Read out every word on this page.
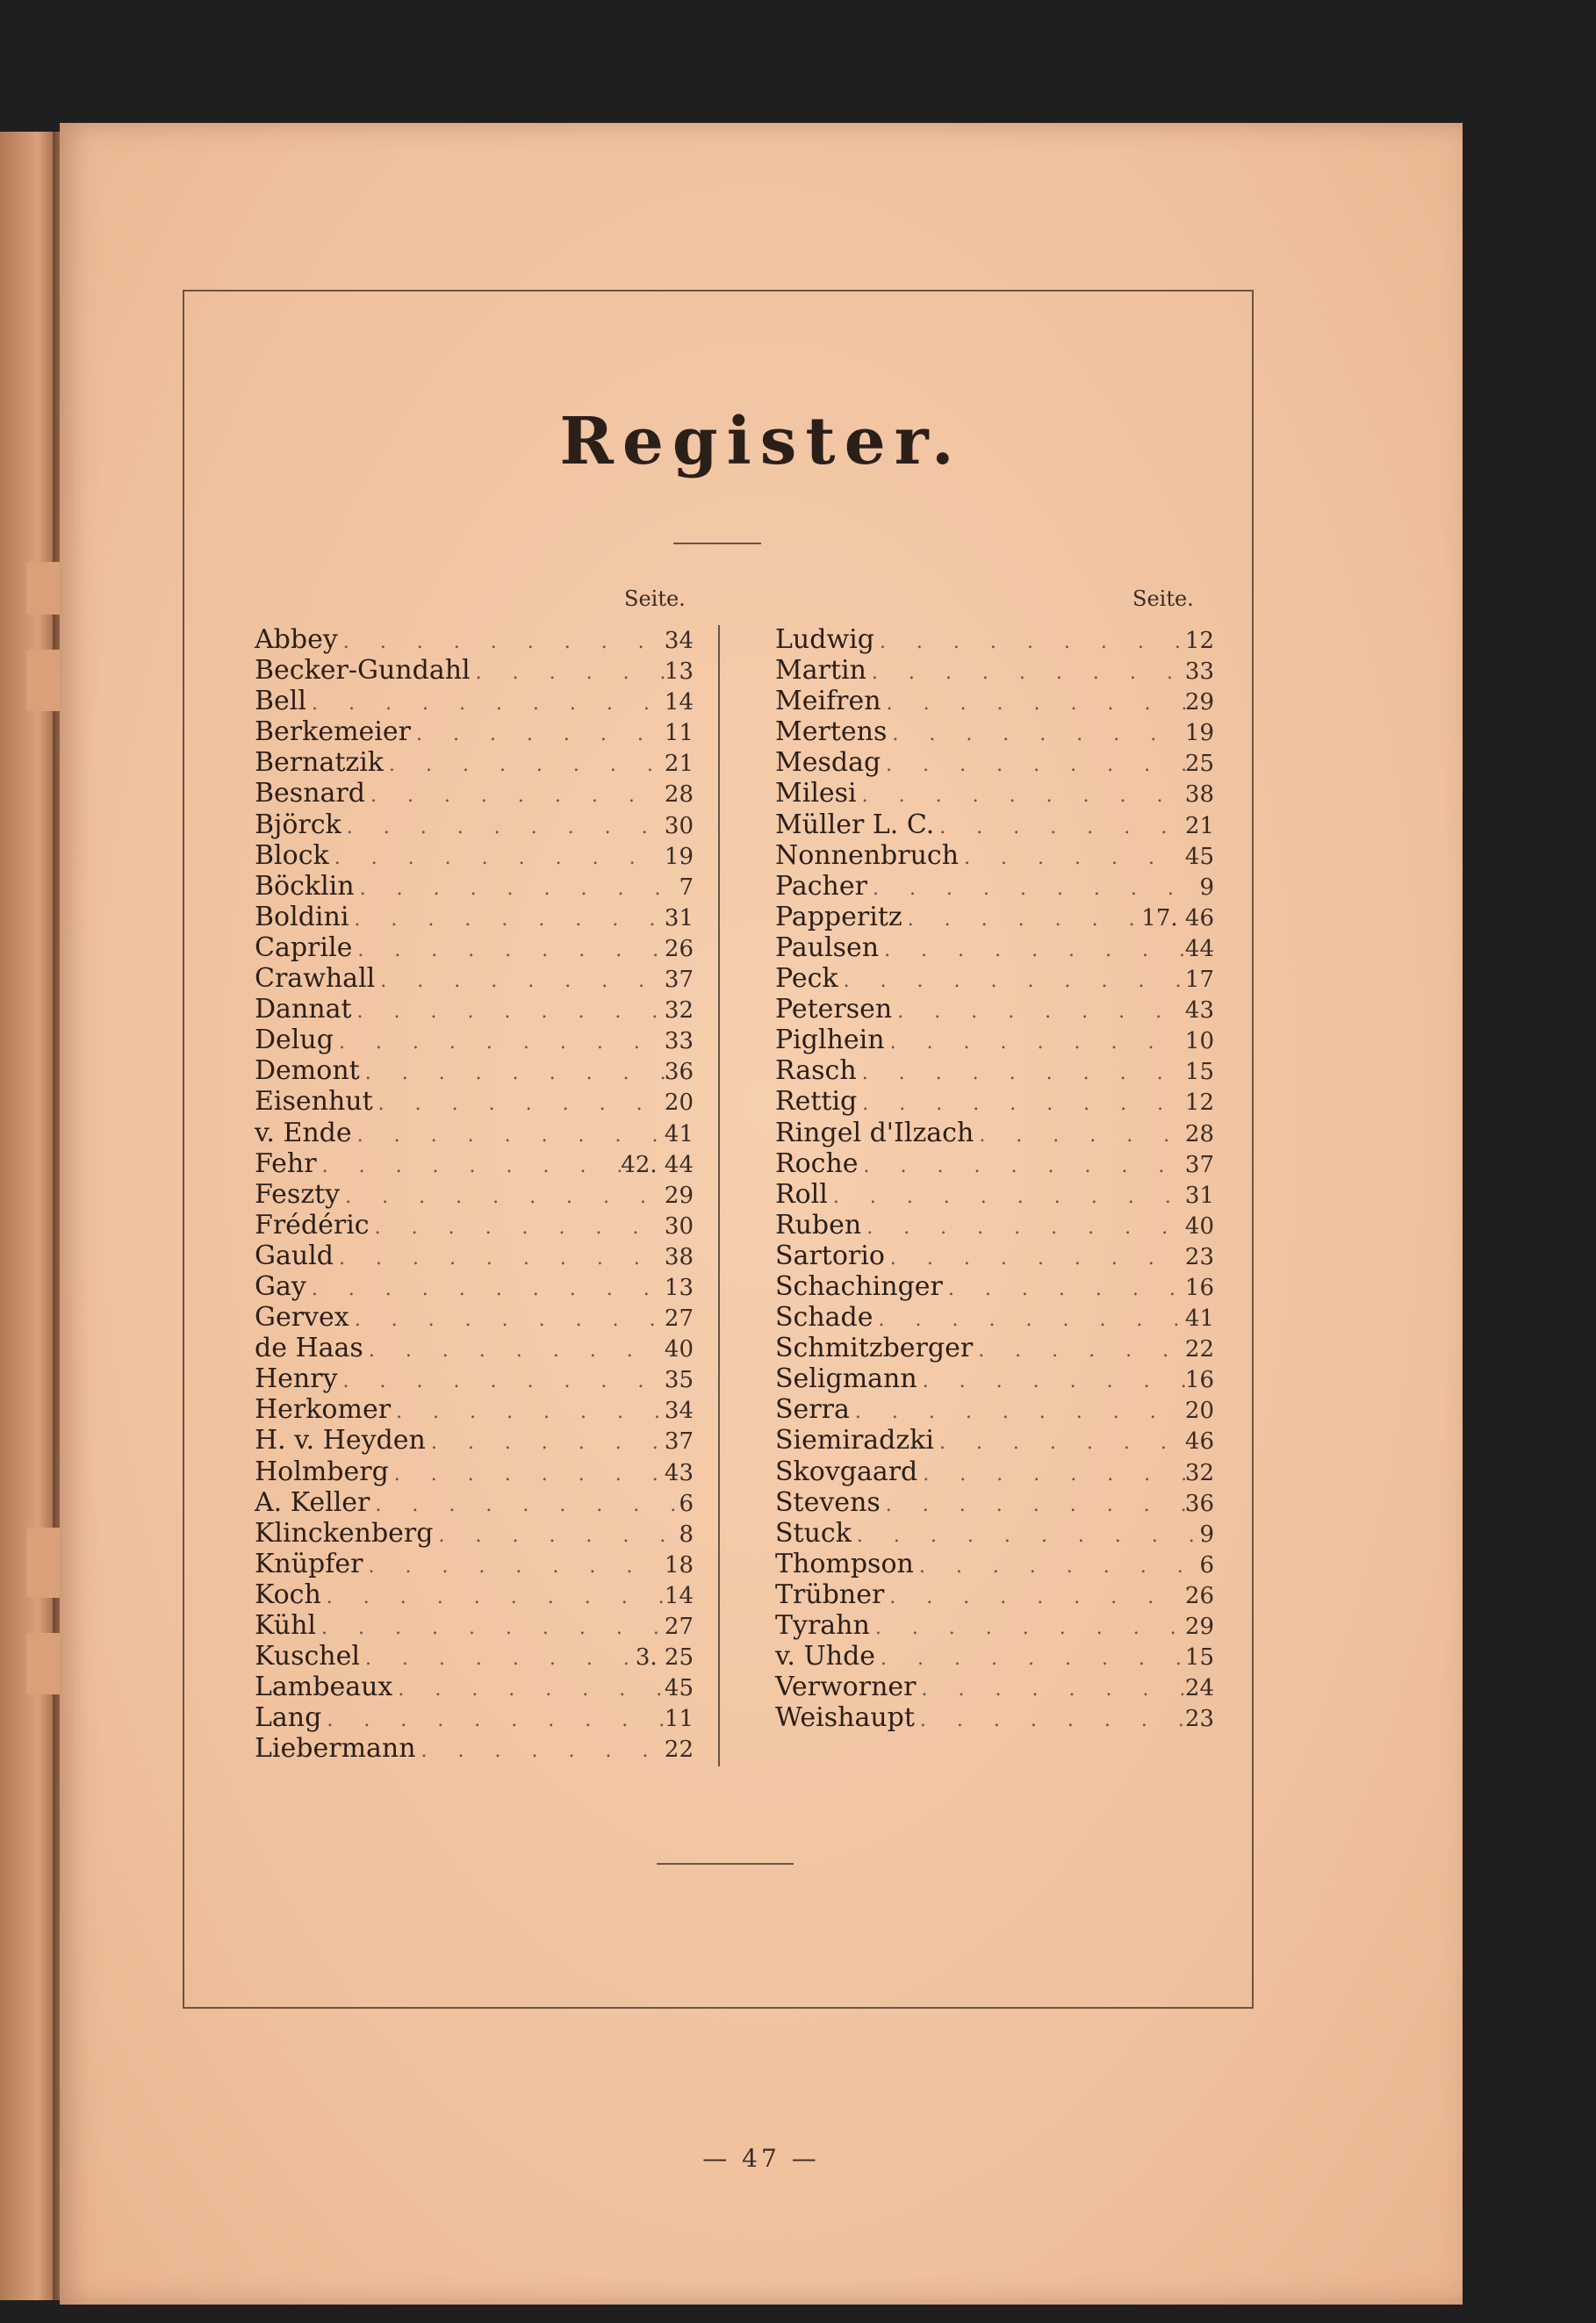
Register.
Seite.	Seite.
Abbey . . .	34
Becker-Gundahl . . .	13
Bell . . .	14
Berkemeier . . .	11
Bernatzik . . .	21
Besnard . . .	28
Björck . . .	30
Block . . .	19
Böcklin . . .	7
Boldini . . .	31
Caprile . . .	26
Crawhall . . .	37
Dannat . . .	32
Delug . . .	33
Demont . . .	36
Eisenhut . . .	20
v. Ende . . .	41
Fehr . . .	42. 44
Feszty . . .	29
Frédéric . . .	30
Gauld . . .	38
Gay . . .	13
Gervex . . .	27
de Haas . . .	40
Henry . . .	35
Herkomer . . .	34
H. v. Heyden . . .	37
Holmberg . . .	43
A. Keller . . .	6
Klinckenberg . . .	8
Knüpfer . . .	18
Koch . . .	14
Kühl . . .	27
Kuschel . . .	3. 25
Lambeaux . . .	45
Lang . . .	11
Liebermann . . .	22
Ludwig . . .	12
Martin . . .	33
Meifren . . .	29
Mertens . . .	19
Mesdag . . .	25
Milesi . . .	38
Müller L. C. . . .	21
Nonnenbruch . . .	45
Pacher . . .	9
Papperitz . . .	17. 46
Paulsen . . .	44
Peck . . .	17
Petersen . . .	43
Piglhein . . .	10
Rasch . . .	15
Rettig . . .	12
Ringel d'Ilzach . . .	28
Roche . . .	37
Roll . . .	31
Ruben . . .	40
Sartorio . . .	23
Schachinger . . .	16
Schade . . .	41
Schmitzberger . . .	22
Seligmann . . .	16
Serra . . .	20
Siemiradzki . . .	46
Skovgaard . . .	32
Stevens . . .	36
Stuck . . .	9
Thompson . . .	6
Trübner . . .	26
Tyrahn . . .	29
v. Uhde . . .	15
Verworner . . .	24
Weishaupt . . .	23
— 47 —
